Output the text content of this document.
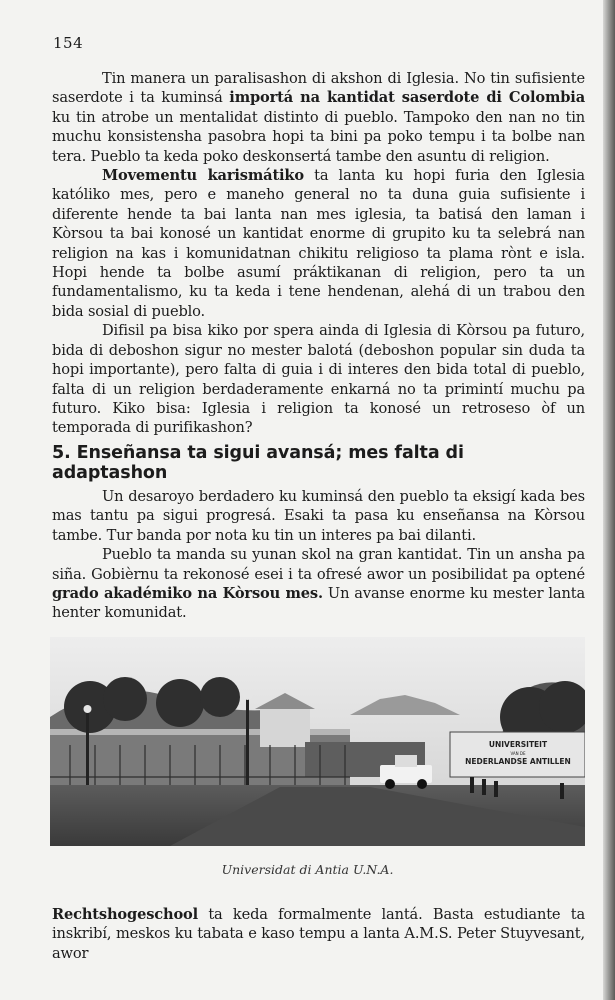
154

Tin manera un paralisashon di akshon di Iglesia. No tin sufisiente saserdote i ta kuminsá importá na kantidat saserdote di Colombia ku tin atrobe un mentalidat distinto di pueblo. Tampoko den nan no tin muchu konsistensha pasobra hopi ta bini pa poko tempu i ta bolbe nan tera. Pueblo ta keda poko deskonsertá tambe den asuntu di religion.

Movementu karismátiko ta lanta ku hopi furia den Iglesia katóliko mes, pero e maneho general no ta duna guia sufisiente i diferente hende ta bai lanta nan mes iglesia, ta batisá den laman i Kòrsou ta bai konosé un kantidat enorme di grupito ku ta selebrá nan religion na kas i komunidatnan chikitu religioso ta plama rònt e isla. Hopi hende ta bolbe asumí práktikanan di religion, pero ta un fundamentalismo, ku ta keda i tene hendenan, alehá di un trabou den bida sosial di pueblo.

Difisil pa bisa kiko por spera ainda di Iglesia di Kòrsou pa futuro, bida di deboshon sigur no mester balotá (deboshon popular sin duda ta hopi importante), pero falta di guia i di interes den bida total di pueblo, falta di un religion berdaderamente enkarná no ta primintí muchu pa futuro. Kiko bisa: Iglesia i religion ta konosé un retroseso òf un temporada di purifikashon?

5. Enseñansa ta sigui avansá; mes falta di adaptashon

Un desaroyo berdadero ku kuminsá den pueblo ta eksigí kada bes mas tantu pa sigui progresá. Esaki ta pasa ku enseñansa na Kòrsou tambe. Tur banda por nota ku tin un interes pa bai dilanti.

Pueblo ta manda su yunan skol na gran kantidat. Tin un ansha pa siña. Gobièrnu ta rekonosé esei i ta ofresé awor un posibilidat pa optené grado akadémiko na Kòrsou mes. Un avanse enorme ku mester lanta henter komunidat.

UNIVERSITEIT
VAN DE
NEDERLANDSE ANTILLEN
Universidat di Antia U.N.A.

Rechtshogeschool ta keda formalmente lantá. Basta estudiante ta inskribí, meskos ku tabata e kaso tempu a lanta A.M.S. Peter Stuyvesant, awor
